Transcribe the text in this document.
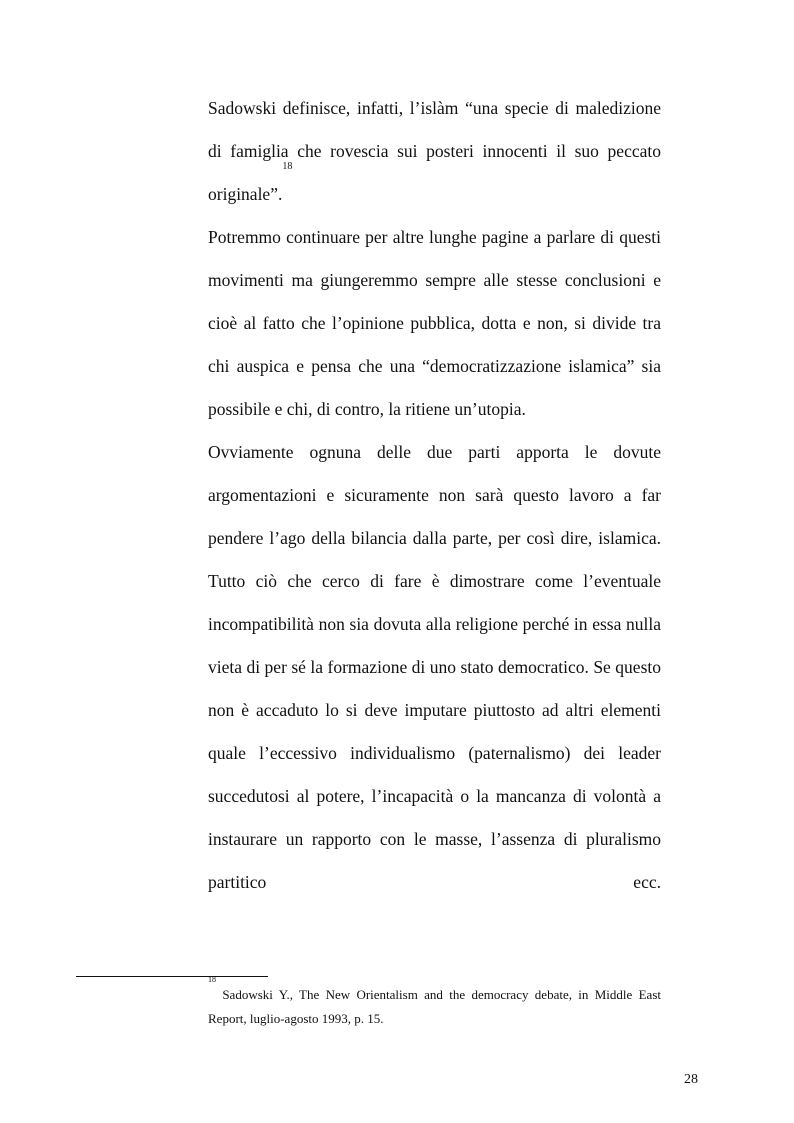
Sadowski definisce, infatti, l’islàm “una specie di maledizione di famiglia che rovescia sui posteri innocenti il suo peccato originale”.$^{18}$

Potremmo continuare per altre lunghe pagine a parlare di questi movimenti ma giungeremmo sempre alle stesse conclusioni e cioè al fatto che l’opinione pubblica, dotta e non, si divide tra chi auspica e pensa che una “democratizzazione islamica” sia possibile e chi, di contro, la ritiene un’utopia.

Ovviamente ognuna delle due parti apporta le dovute argomentazioni e sicuramente non sarà questo lavoro a far pendere l’ago della bilancia dalla parte, per così dire, islamica. Tutto ciò che cerco di fare è dimostrare come l’eventuale incompatibilità non sia dovuta alla religione perché in essa nulla vieta di per sé la formazione di uno stato democratico. Se questo non è accaduto lo si deve imputare piuttosto ad altri elementi quale l’eccessivo individualismo (paternalismo) dei leader succedutosi al potere, l’incapacità o la mancanza di volontà a instaurare un rapporto con le masse, l’assenza di pluralismo partitico ecc.

$^{18}$ Sadowski Y., The New Orientalism and the democracy debate, in Middle East Report, luglio-agosto 1993, p. 15.

28
